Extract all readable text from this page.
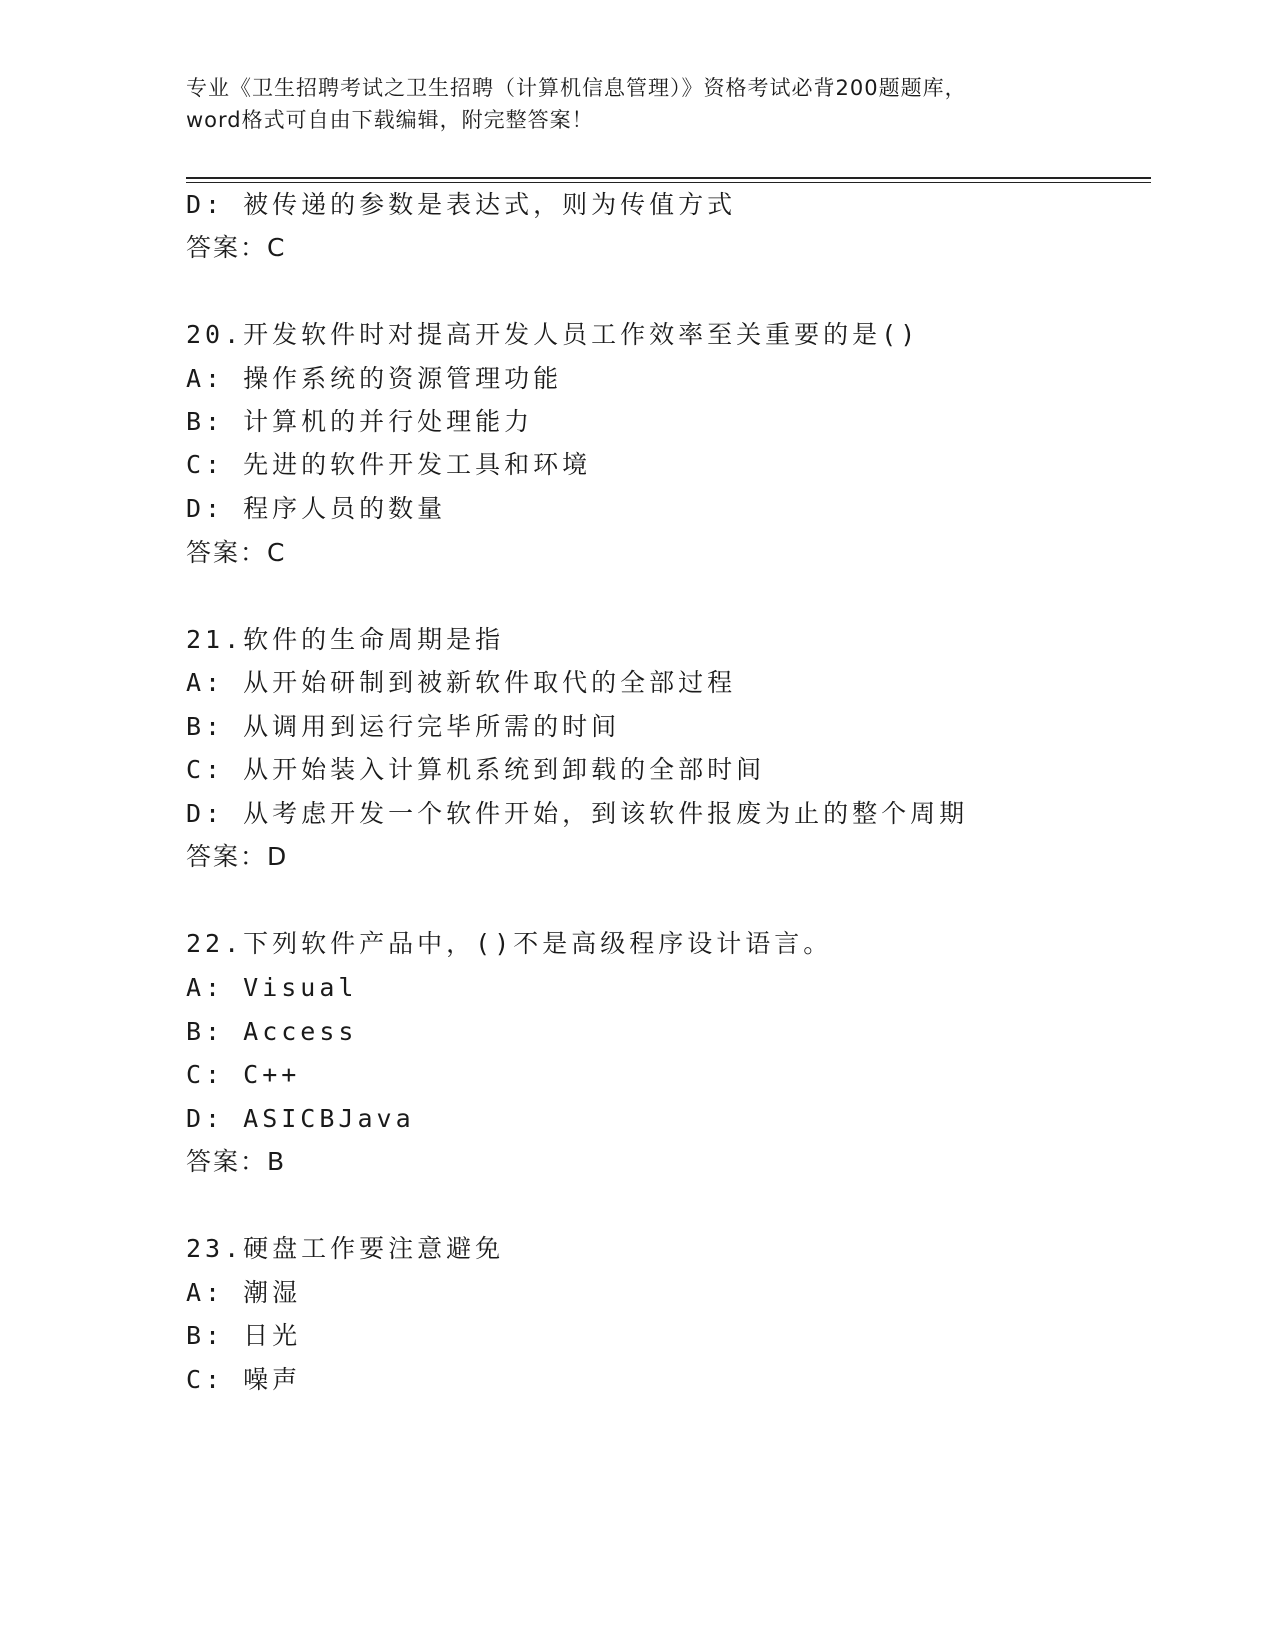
专业《卫生招聘考试之卫生招聘（计算机信息管理）》资格考试必背200题题库，
word格式可自由下载编辑，附完整答案！
D: 被传递的参数是表达式，则为传值方式
答案：C
20.开发软件时对提高开发人员工作效率至关重要的是()
A: 操作系统的资源管理功能
B: 计算机的并行处理能力
C: 先进的软件开发工具和环境
D: 程序人员的数量
答案：C
21.软件的生命周期是指
A: 从开始研制到被新软件取代的全部过程
B: 从调用到运行完毕所需的时间
C: 从开始装入计算机系统到卸载的全部时间
D: 从考虑开发一个软件开始，到该软件报废为止的整个周期
答案：D
22.下列软件产品中，()不是高级程序设计语言。
A: Visual
B: Access
C: C++
D: ASICBJava
答案：B
23.硬盘工作要注意避免
A: 潮湿
B: 日光
C: 噪声
